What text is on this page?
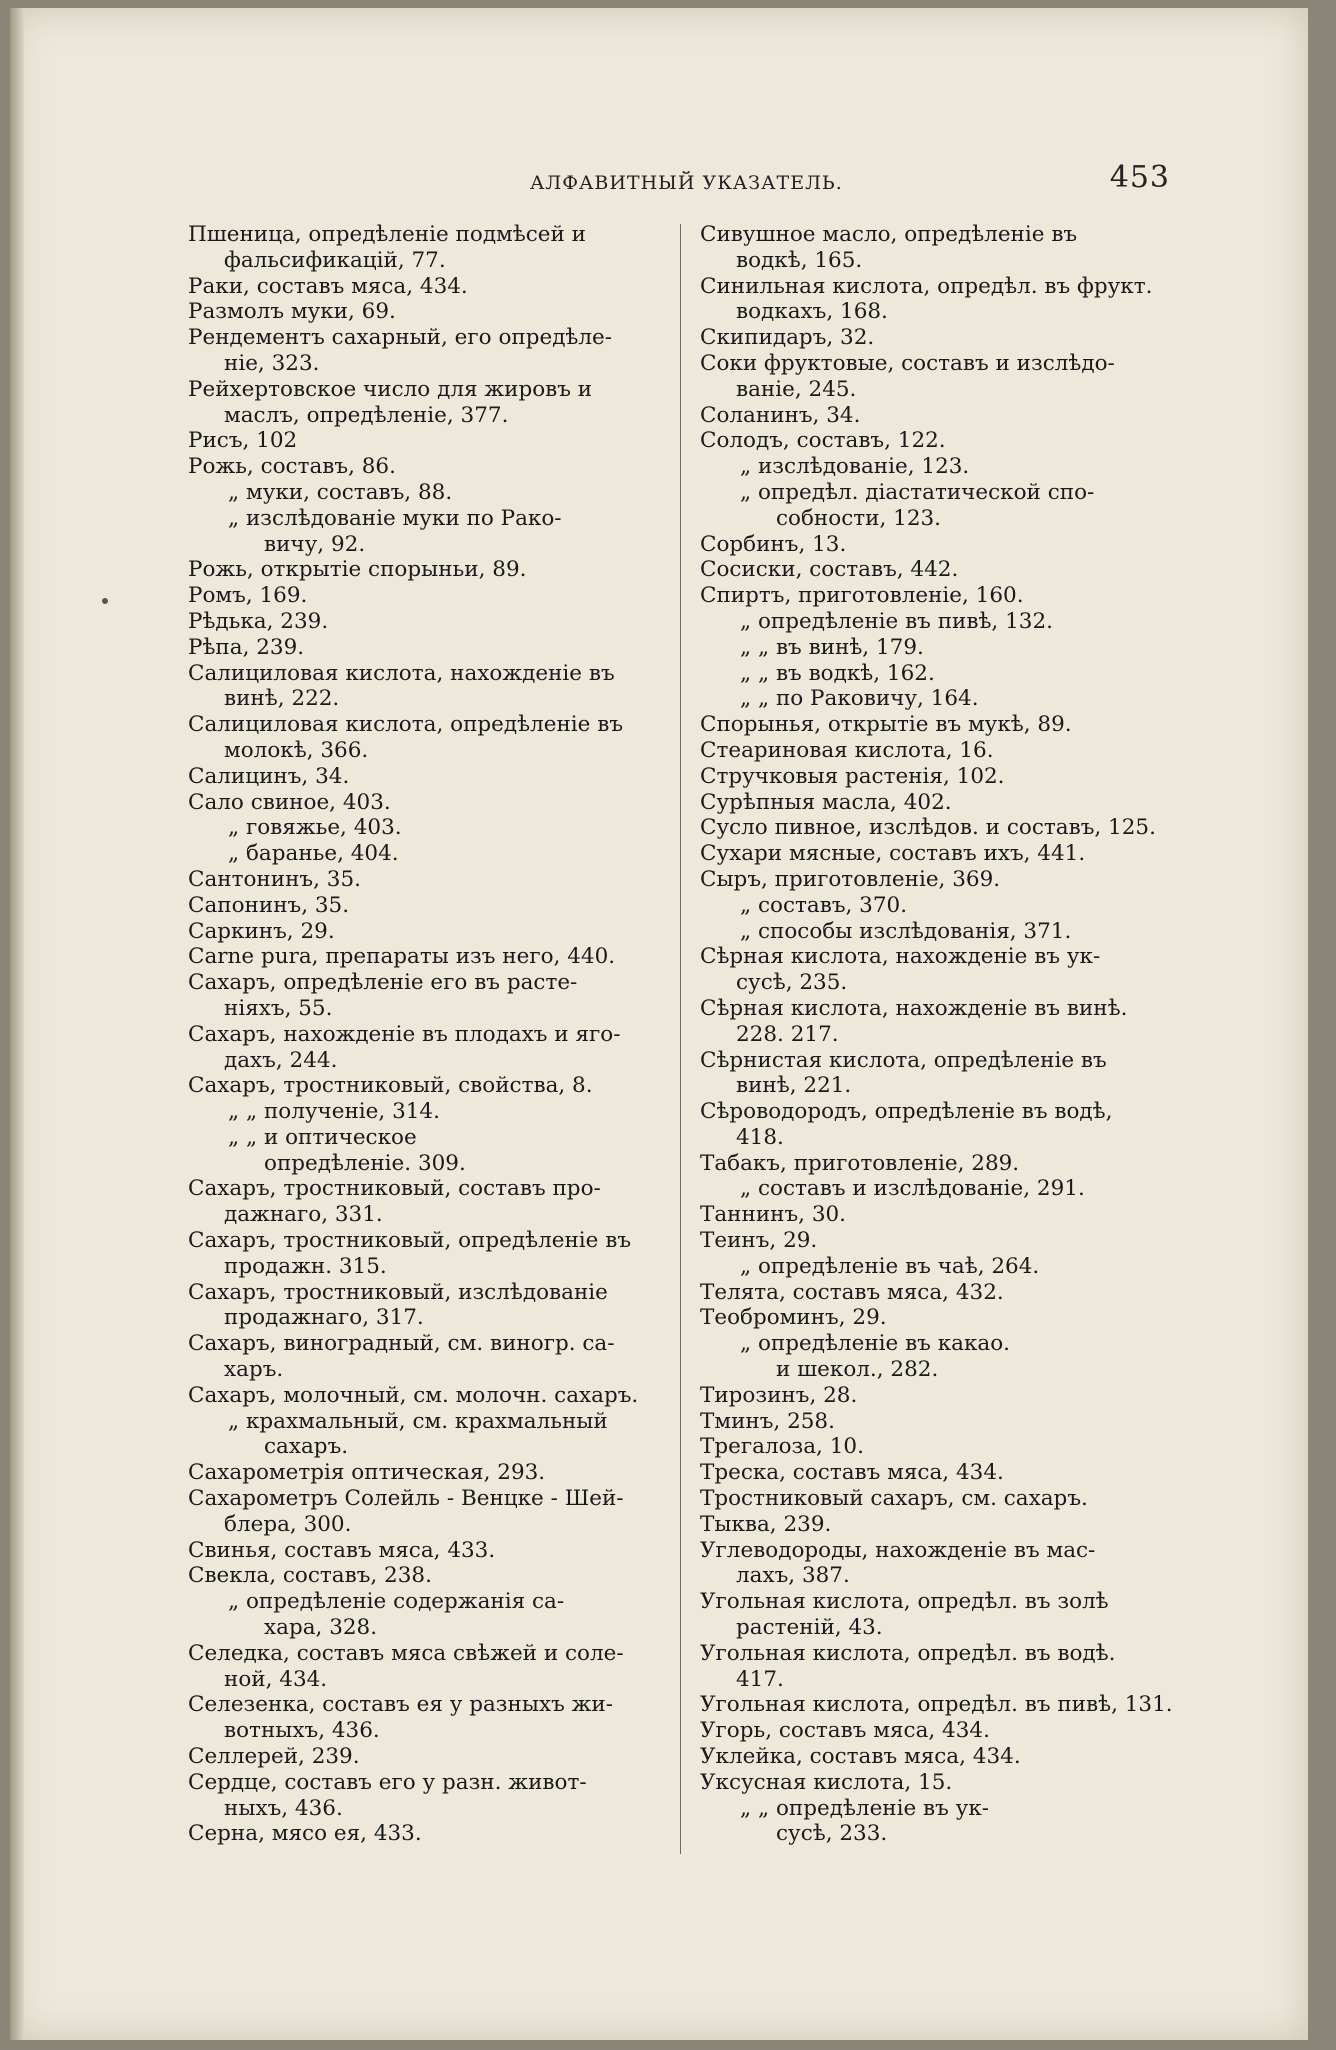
АЛФАВИТНЫЙ УКАЗАТЕЛЬ.	453

Пшеница, опредѣленіе подмѣсей и
фальсификацій, 77.

Раки, составъ мяса, 434.

Размолъ муки, 69.

Рендементъ сахарный, его опредѣле-
ніе, 323.

Рейхертовское число для жировъ и
маслъ, опредѣленіе, 377.

Рисъ, 102

Рожь, составъ, 86.

„ муки, составъ, 88.

„ изслѣдованіе муки по Рако-
вичу, 92.

Рожь, открытіе спорыньи, 89.

Ромъ, 169.

Рѣдька, 239.

Рѣпа, 239.

Салициловая кислота, нахожденіе въ
винѣ, 222.

Салициловая кислота, опредѣленіе въ
молокѣ, 366.

Салицинъ, 34.

Сало свиное, 403.

„ говяжье, 403.

„ баранье, 404.

Сантонинъ, 35.

Сапонинъ, 35.

Саркинъ, 29.

Carne pura, препараты изъ него, 440.

Сахаръ, опредѣленіе его въ расте-
ніяхъ, 55.

Сахаръ, нахожденіе въ плодахъ и яго-
дахъ, 244.

Сахаръ, тростниковый, свойства, 8.

„ „ полученіе, 314.

„ „ и оптическое
опредѣленіе. 309.

Сахаръ, тростниковый, составъ про-
дажнаго, 331.

Сахаръ, тростниковый, опредѣленіе въ
продажн. 315.

Сахаръ, тростниковый, изслѣдованіе
продажнаго, 317.

Сахаръ, виноградный, см. виногр. са-
харъ.

Сахаръ, молочный, см. молочн. сахаръ.

„ крахмальный, см. крахмальный
сахаръ.

Сахарометрія оптическая, 293.

Сахарометръ Солейль - Венцке - Шей-
блера, 300.

Свинья, составъ мяса, 433.

Свекла, составъ, 238.

„ опредѣленіе содержанія са-
хара, 328.

Селедка, составъ мяса свѣжей и соле-
ной, 434.

Селезенка, составъ ея у разныхъ жи-
вотныхъ, 436.

Селлерей, 239.

Сердце, составъ его у разн. живот-
ныхъ, 436.

Серна, мясо ея, 433.

Сивушное масло, опредѣленіе въ
водкѣ, 165.

Синильная кислота, опредѣл. въ фрукт.
водкахъ, 168.

Скипидаръ, 32.

Соки фруктовые, составъ и изслѣдо-
ваніе, 245.

Соланинъ, 34.

Солодъ, составъ, 122.

„ изслѣдованіе, 123.

„ опредѣл. діастатической спо-
собности, 123.

Сорбинъ, 13.

Сосиски, составъ, 442.

Спиртъ, приготовленіе, 160.

„ опредѣленіе въ пивѣ, 132.

„ „ въ винѣ, 179.

„ „ въ водкѣ, 162.

„ „ по Раковичу, 164.

Спорынья, открытіе въ мукѣ, 89.

Стеариновая кислота, 16.

Стручковыя растенія, 102.

Сурѣпныя масла, 402.

Сусло пивное, изслѣдов. и составъ, 125.

Сухари мясные, составъ ихъ, 441.

Сыръ, приготовленіе, 369.

„ составъ, 370.

„ способы изслѣдованія, 371.

Сѣрная кислота, нахожденіе въ ук-
сусѣ, 235.

Сѣрная кислота, нахожденіе въ винѣ.
228. 217.

Сѣрнистая кислота, опредѣленіе въ
винѣ, 221.

Сѣроводородъ, опредѣленіе въ водѣ,
418.

Табакъ, приготовленіе, 289.

„ составъ и изслѣдованіе, 291.

Таннинъ, 30.

Теинъ, 29.

„ опредѣленіе въ чаѣ, 264.

Телята, составъ мяса, 432.

Теоброминъ, 29.

„ опредѣленіе въ какао.
и шекол., 282.

Тирозинъ, 28.

Тминъ, 258.

Трегалоза, 10.

Треска, составъ мяса, 434.

Тростниковый сахаръ, см. сахаръ.

Тыква, 239.

Углеводороды, нахожденіе въ мас-
лахъ, 387.

Угольная кислота, опредѣл. въ золѣ
растеній, 43.

Угольная кислота, опредѣл. въ водѣ.
417.

Угольная кислота, опредѣл. въ пивѣ, 131.

Угорь, составъ мяса, 434.

Уклейка, составъ мяса, 434.

Уксусная кислота, 15.

„ „ опредѣленіе въ ук-
сусѣ, 233.
